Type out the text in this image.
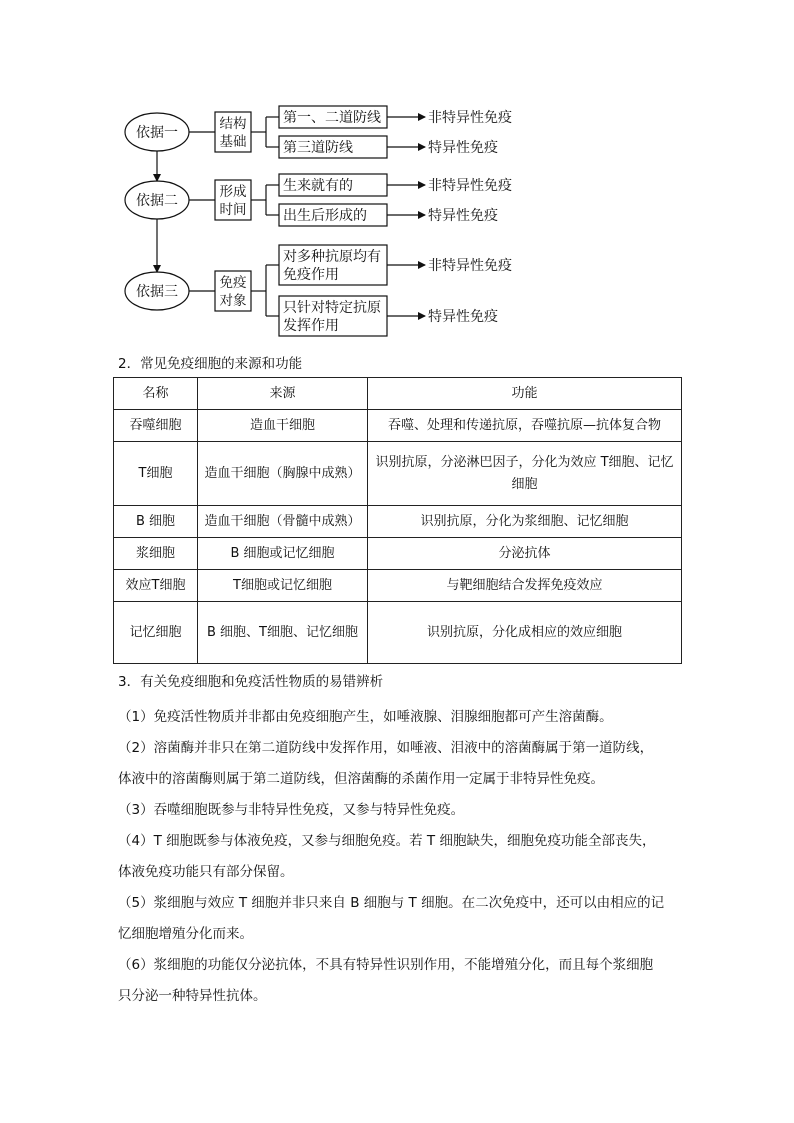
依据一
结构
基础
第一、二道防线	非特异性免疫
第三道防线	特异性免疫
依据二
形成
时间
生来就有的	非特异性免疫
出生后形成的	特异性免疫
依据三
免疫
对象
对多种抗原均有
免疫作用
非特异性免疫
只针对特定抗原
发挥作用
特异性免疫

2．常见免疫细胞的来源和功能

名称	来源	功能
吞噬细胞	造血干细胞	吞噬、处理和传递抗原，吞噬抗原—抗体复合物
T细胞	造血干细胞（胸腺中成熟）	识别抗原，分泌淋巴因子，分化为效应 T细胞、记忆细胞
B 细胞	造血干细胞（骨髓中成熟）	识别抗原，分化为浆细胞、记忆细胞
浆细胞	B 细胞或记忆细胞	分泌抗体
效应T细胞	T细胞或记忆细胞	与靶细胞结合发挥免疫效应
记忆细胞	B 细胞、T细胞、记忆细胞	识别抗原，分化成相应的效应细胞

3．有关免疫细胞和免疫活性物质的易错辨析

（1）免疫活性物质并非都由免疫细胞产生，如唾液腺、泪腺细胞都可产生溶菌酶。
（2）溶菌酶并非只在第二道防线中发挥作用，如唾液、泪液中的溶菌酶属于第一道防线，
体液中的溶菌酶则属于第二道防线，但溶菌酶的杀菌作用一定属于非特异性免疫。
（3）吞噬细胞既参与非特异性免疫，又参与特异性免疫。
（4）T 细胞既参与体液免疫，又参与细胞免疫。若 T 细胞缺失，细胞免疫功能全部丧失，
体液免疫功能只有部分保留。
（5）浆细胞与效应 T 细胞并非只来自 B 细胞与 T 细胞。在二次免疫中，还可以由相应的记
忆细胞增殖分化而来。
（6）浆细胞的功能仅分泌抗体，不具有特异性识别作用，不能增殖分化，而且每个浆细胞
只分泌一种特异性抗体。
